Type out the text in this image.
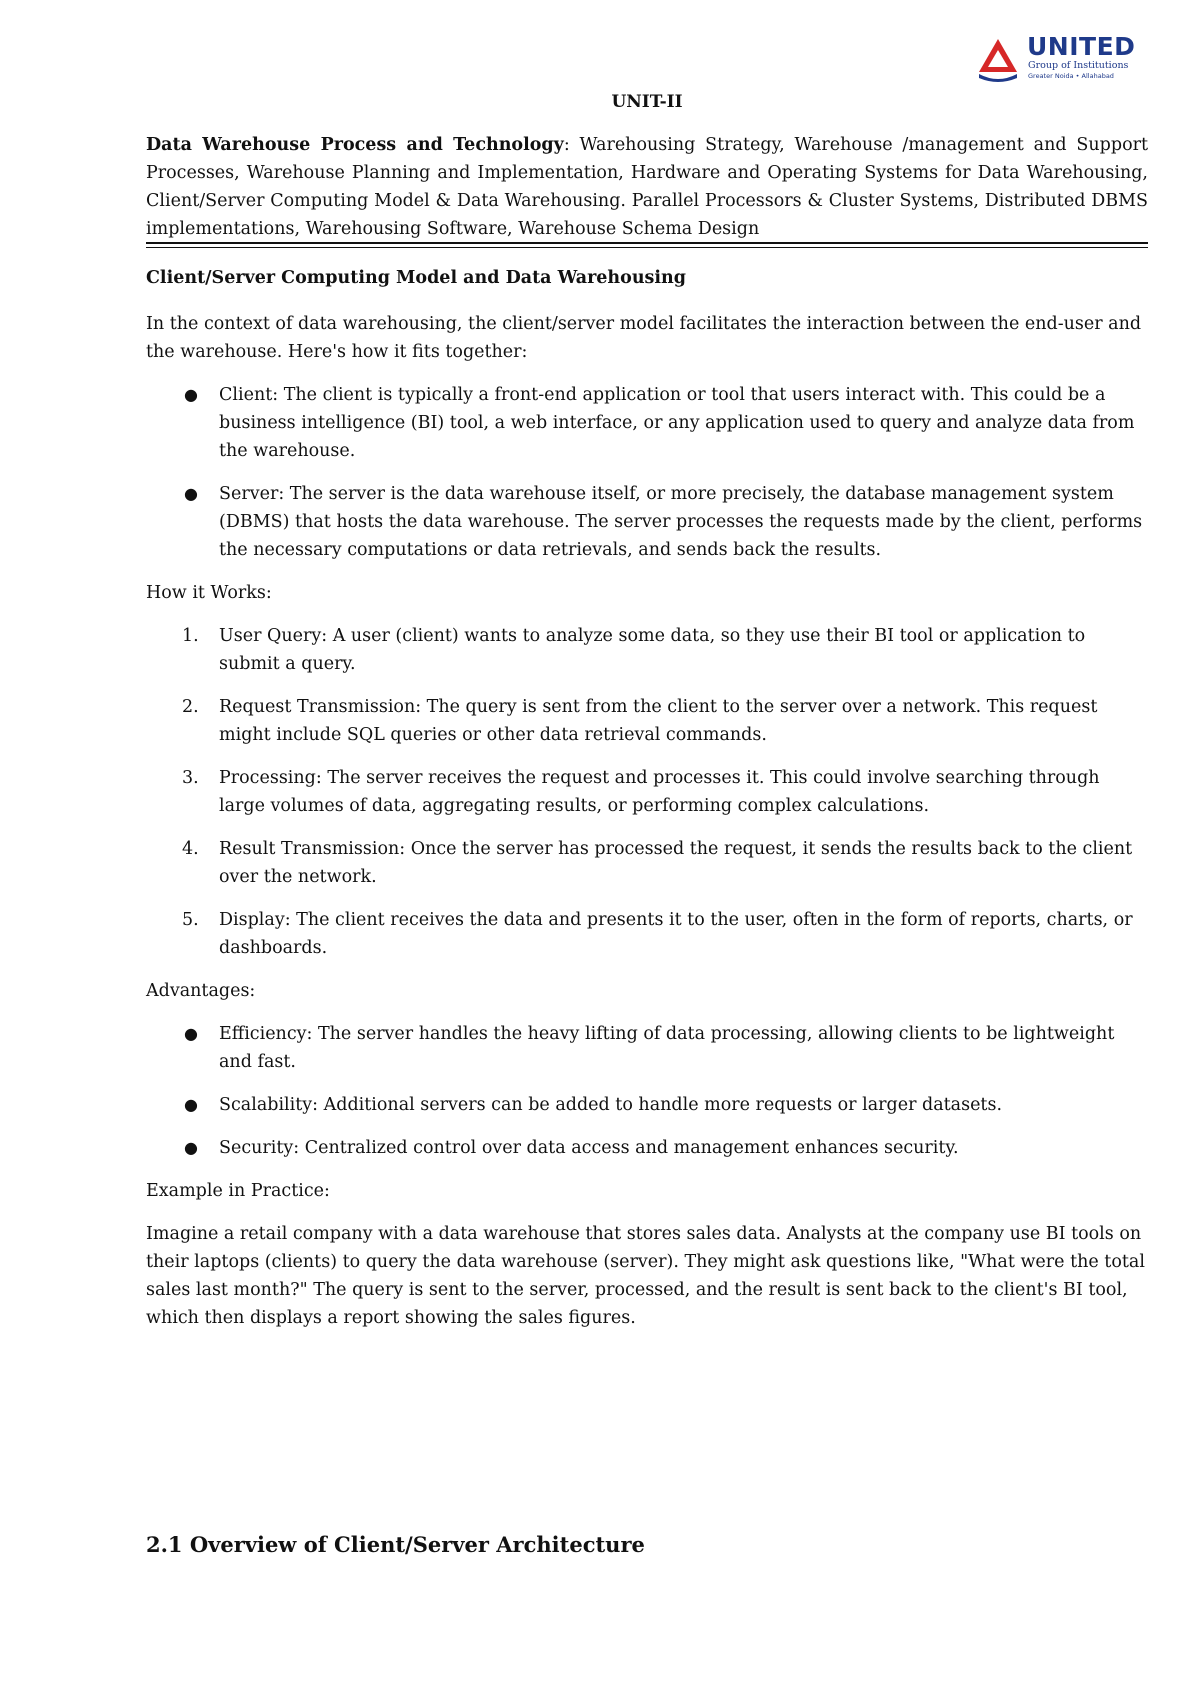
UNITED
Group of Institutions
Greater Noida • Allahabad
UNIT-II
Data Warehouse Process and Technology: Warehousing Strategy, Warehouse /management and Support Processes, Warehouse Planning and Implementation, Hardware and Operating Systems for Data Warehousing, Client/Server Computing Model & Data Warehousing. Parallel Processors & Cluster Systems, Distributed DBMS implementations, Warehousing Software, Warehouse Schema Design
Client/Server Computing Model and Data Warehousing

In the context of data warehousing, the client/server model facilitates the interaction between the end-user and the warehouse. Here's how it fits together:

● Client: The client is typically a front-end application or tool that users interact with. This could be a business intelligence (BI) tool, a web interface, or any application used to query and analyze data from the warehouse.
● Server: The server is the data warehouse itself, or more precisely, the database management system (DBMS) that hosts the data warehouse. The server processes the requests made by the client, performs the necessary computations or data retrievals, and sends back the results.

How it Works:

1. User Query: A user (client) wants to analyze some data, so they use their BI tool or application to submit a query.
2. Request Transmission: The query is sent from the client to the server over a network. This request might include SQL queries or other data retrieval commands.
3. Processing: The server receives the request and processes it. This could involve searching through large volumes of data, aggregating results, or performing complex calculations.
4. Result Transmission: Once the server has processed the request, it sends the results back to the client over the network.
5. Display: The client receives the data and presents it to the user, often in the form of reports, charts, or dashboards.

Advantages:

● Efficiency: The server handles the heavy lifting of data processing, allowing clients to be lightweight and fast.
● Scalability: Additional servers can be added to handle more requests or larger datasets.
● Security: Centralized control over data access and management enhances security.

Example in Practice:

Imagine a retail company with a data warehouse that stores sales data. Analysts at the company use BI tools on their laptops (clients) to query the data warehouse (server). They might ask questions like, "What were the total sales last month?" The query is sent to the server, processed, and the result is sent back to the client's BI tool, which then displays a report showing the sales figures.

2.1 Overview of Client/Server Architecture
